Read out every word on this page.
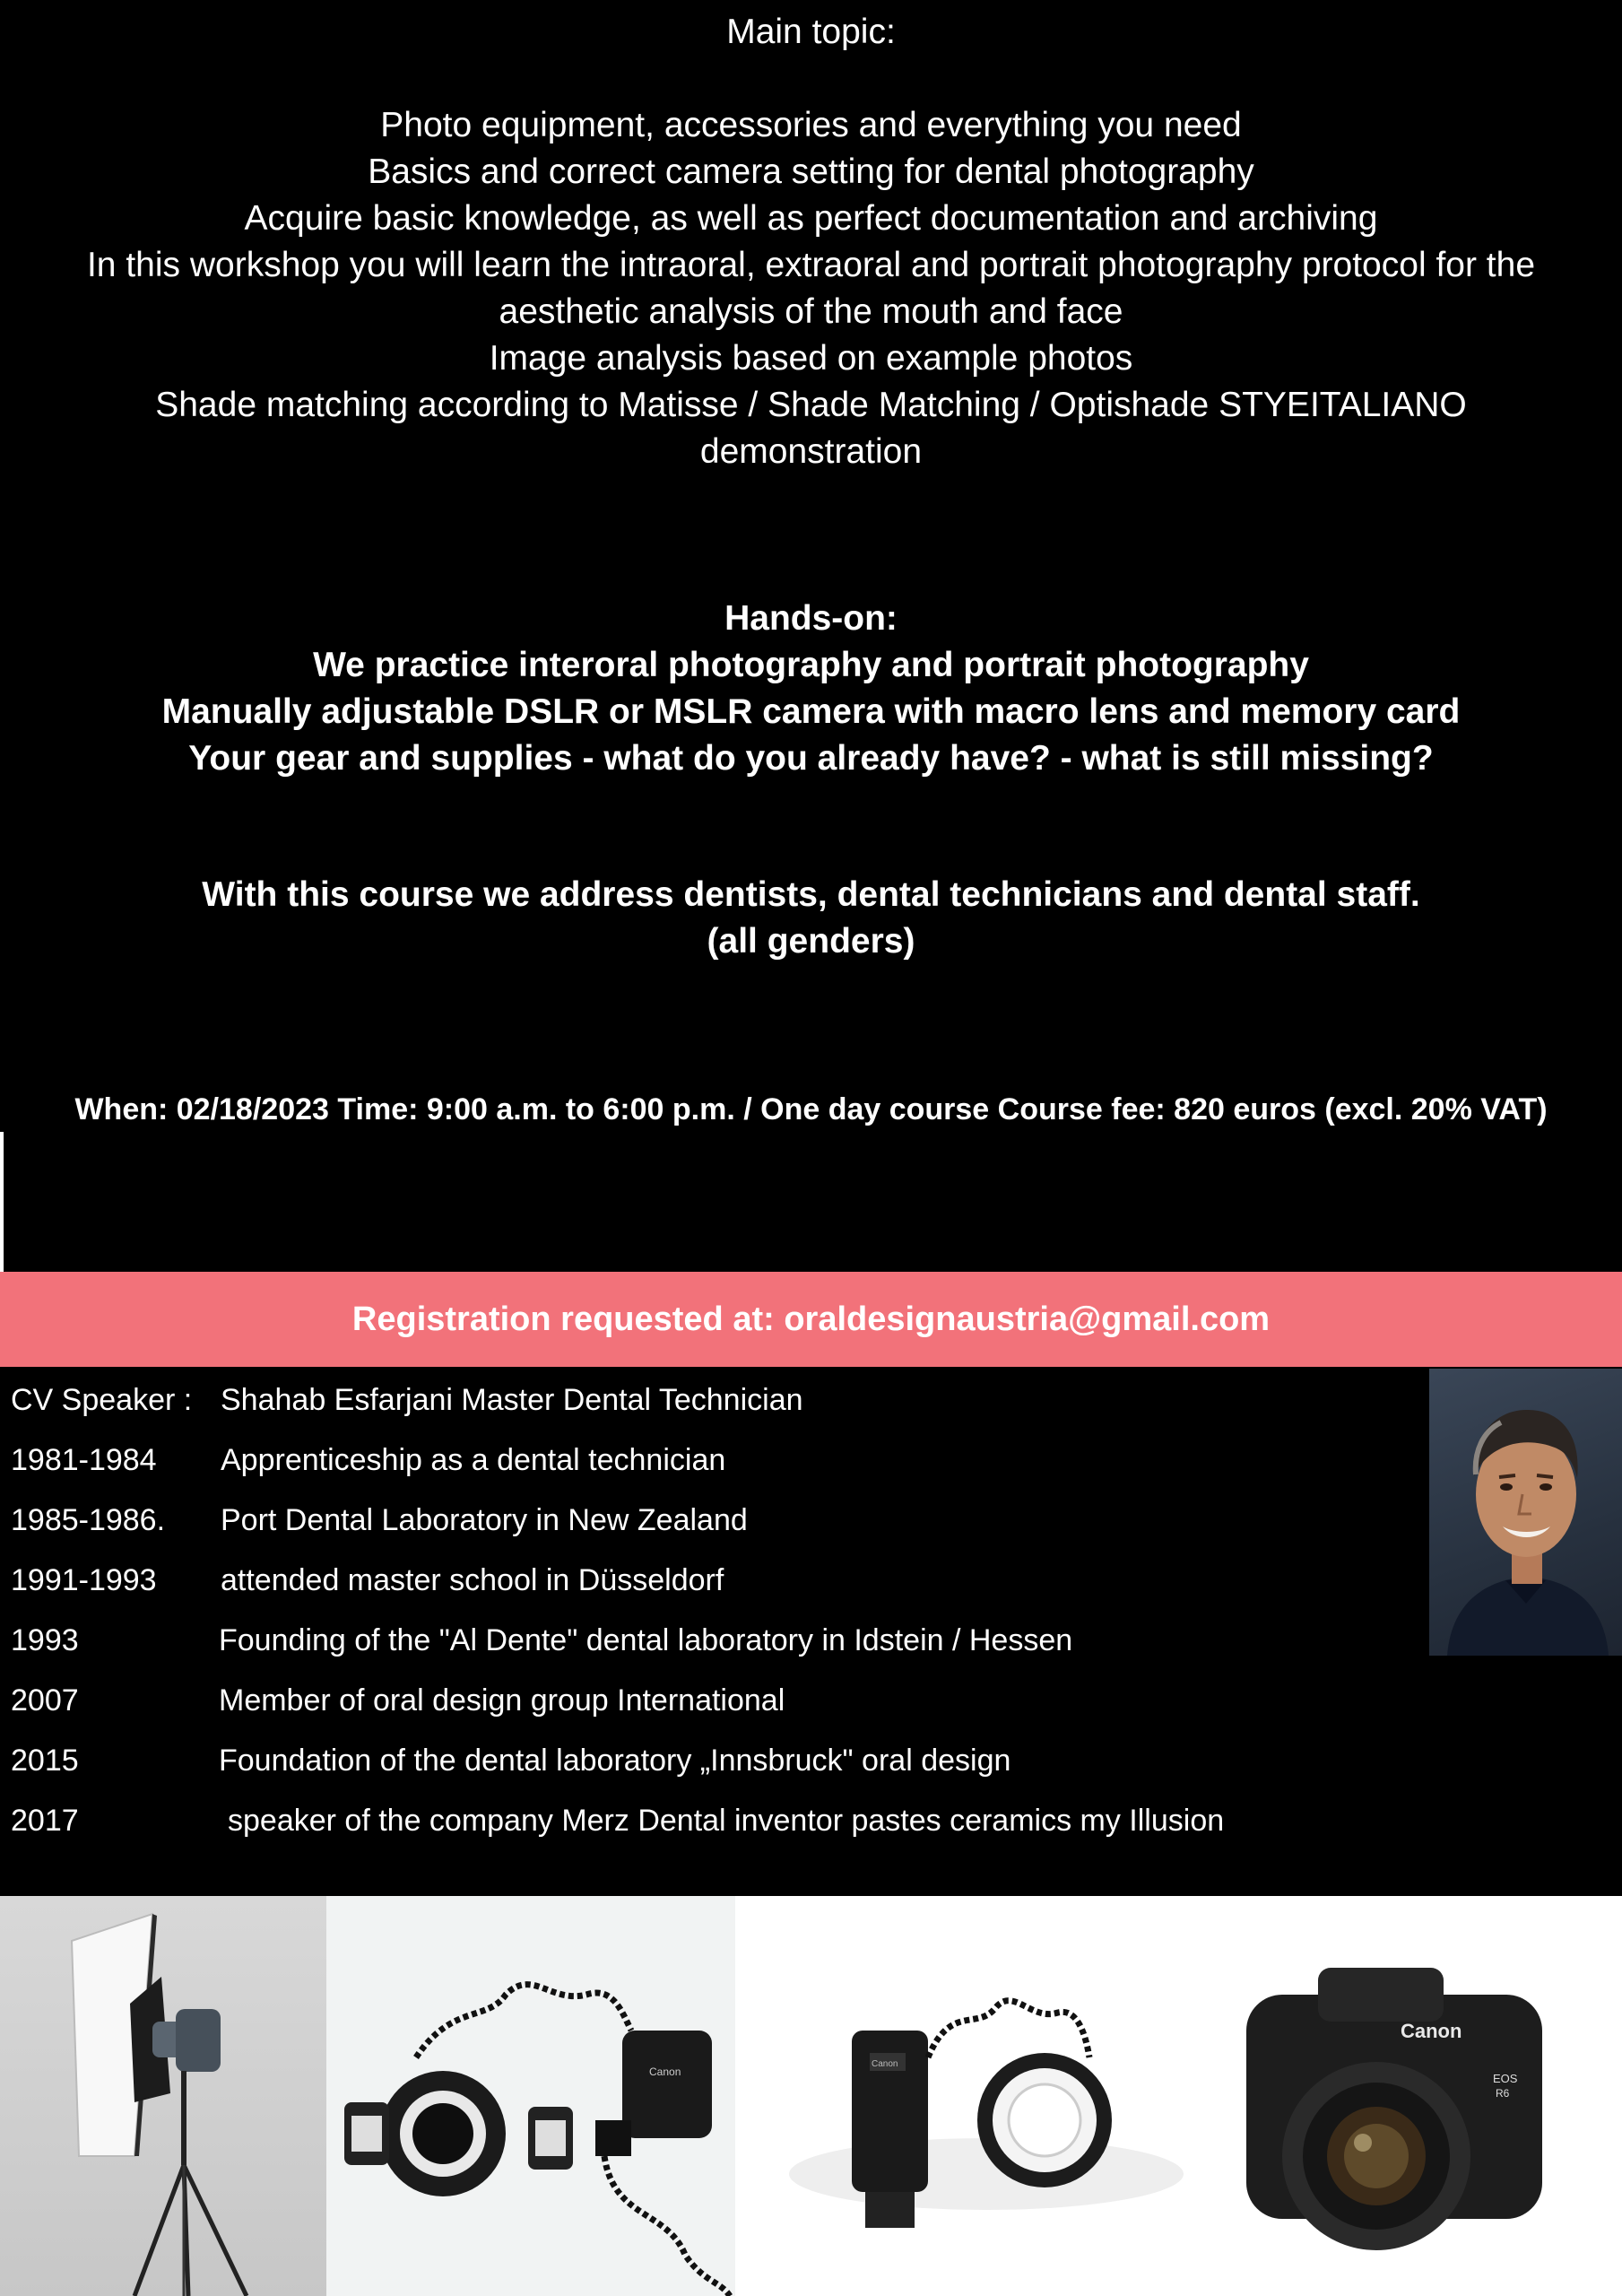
Main topic:
Photo equipment, accessories and everything you need
Basics and correct camera setting for dental photography
Acquire basic knowledge, as well as perfect documentation and archiving
In this workshop you will learn the intraoral, extraoral and portrait photography protocol for the
aesthetic analysis of the mouth and face
Image analysis based on example photos
Shade matching according to Matisse / Shade Matching / Optishade STYEITALIANO
demonstration
Hands-on:
We practice interoral photography and portrait photography
Manually adjustable DSLR or MSLR camera with macro lens and memory card
Your gear and supplies - what do you already have? - what is still missing?
With this course we address dentists, dental technicians and dental staff.
(all genders)
When: 02/18/2023 Time: 9:00 a.m. to 6:00 p.m. / One day course Course fee: 820 euros (excl. 20% VAT)
Registration requested at: oraldesignaustria@gmail.com
CV Speaker : Shahab Esfarjani Master Dental Technician
1981-1984 Apprenticeship as a dental technician
1985-1986. Port Dental Laboratory in New Zealand
1991-1993 attended master school in Düsseldorf
1993	Founding of the "Al Dente" dental laboratory in Idstein / Hessen
2007	Member of oral design group International
2015	Foundation of the dental laboratory „Innsbruck" oral design
2017	speaker of the company Merz Dental inventor pastes ceramics my Illusion
Canon
Canon
Canon
EOS
R6
